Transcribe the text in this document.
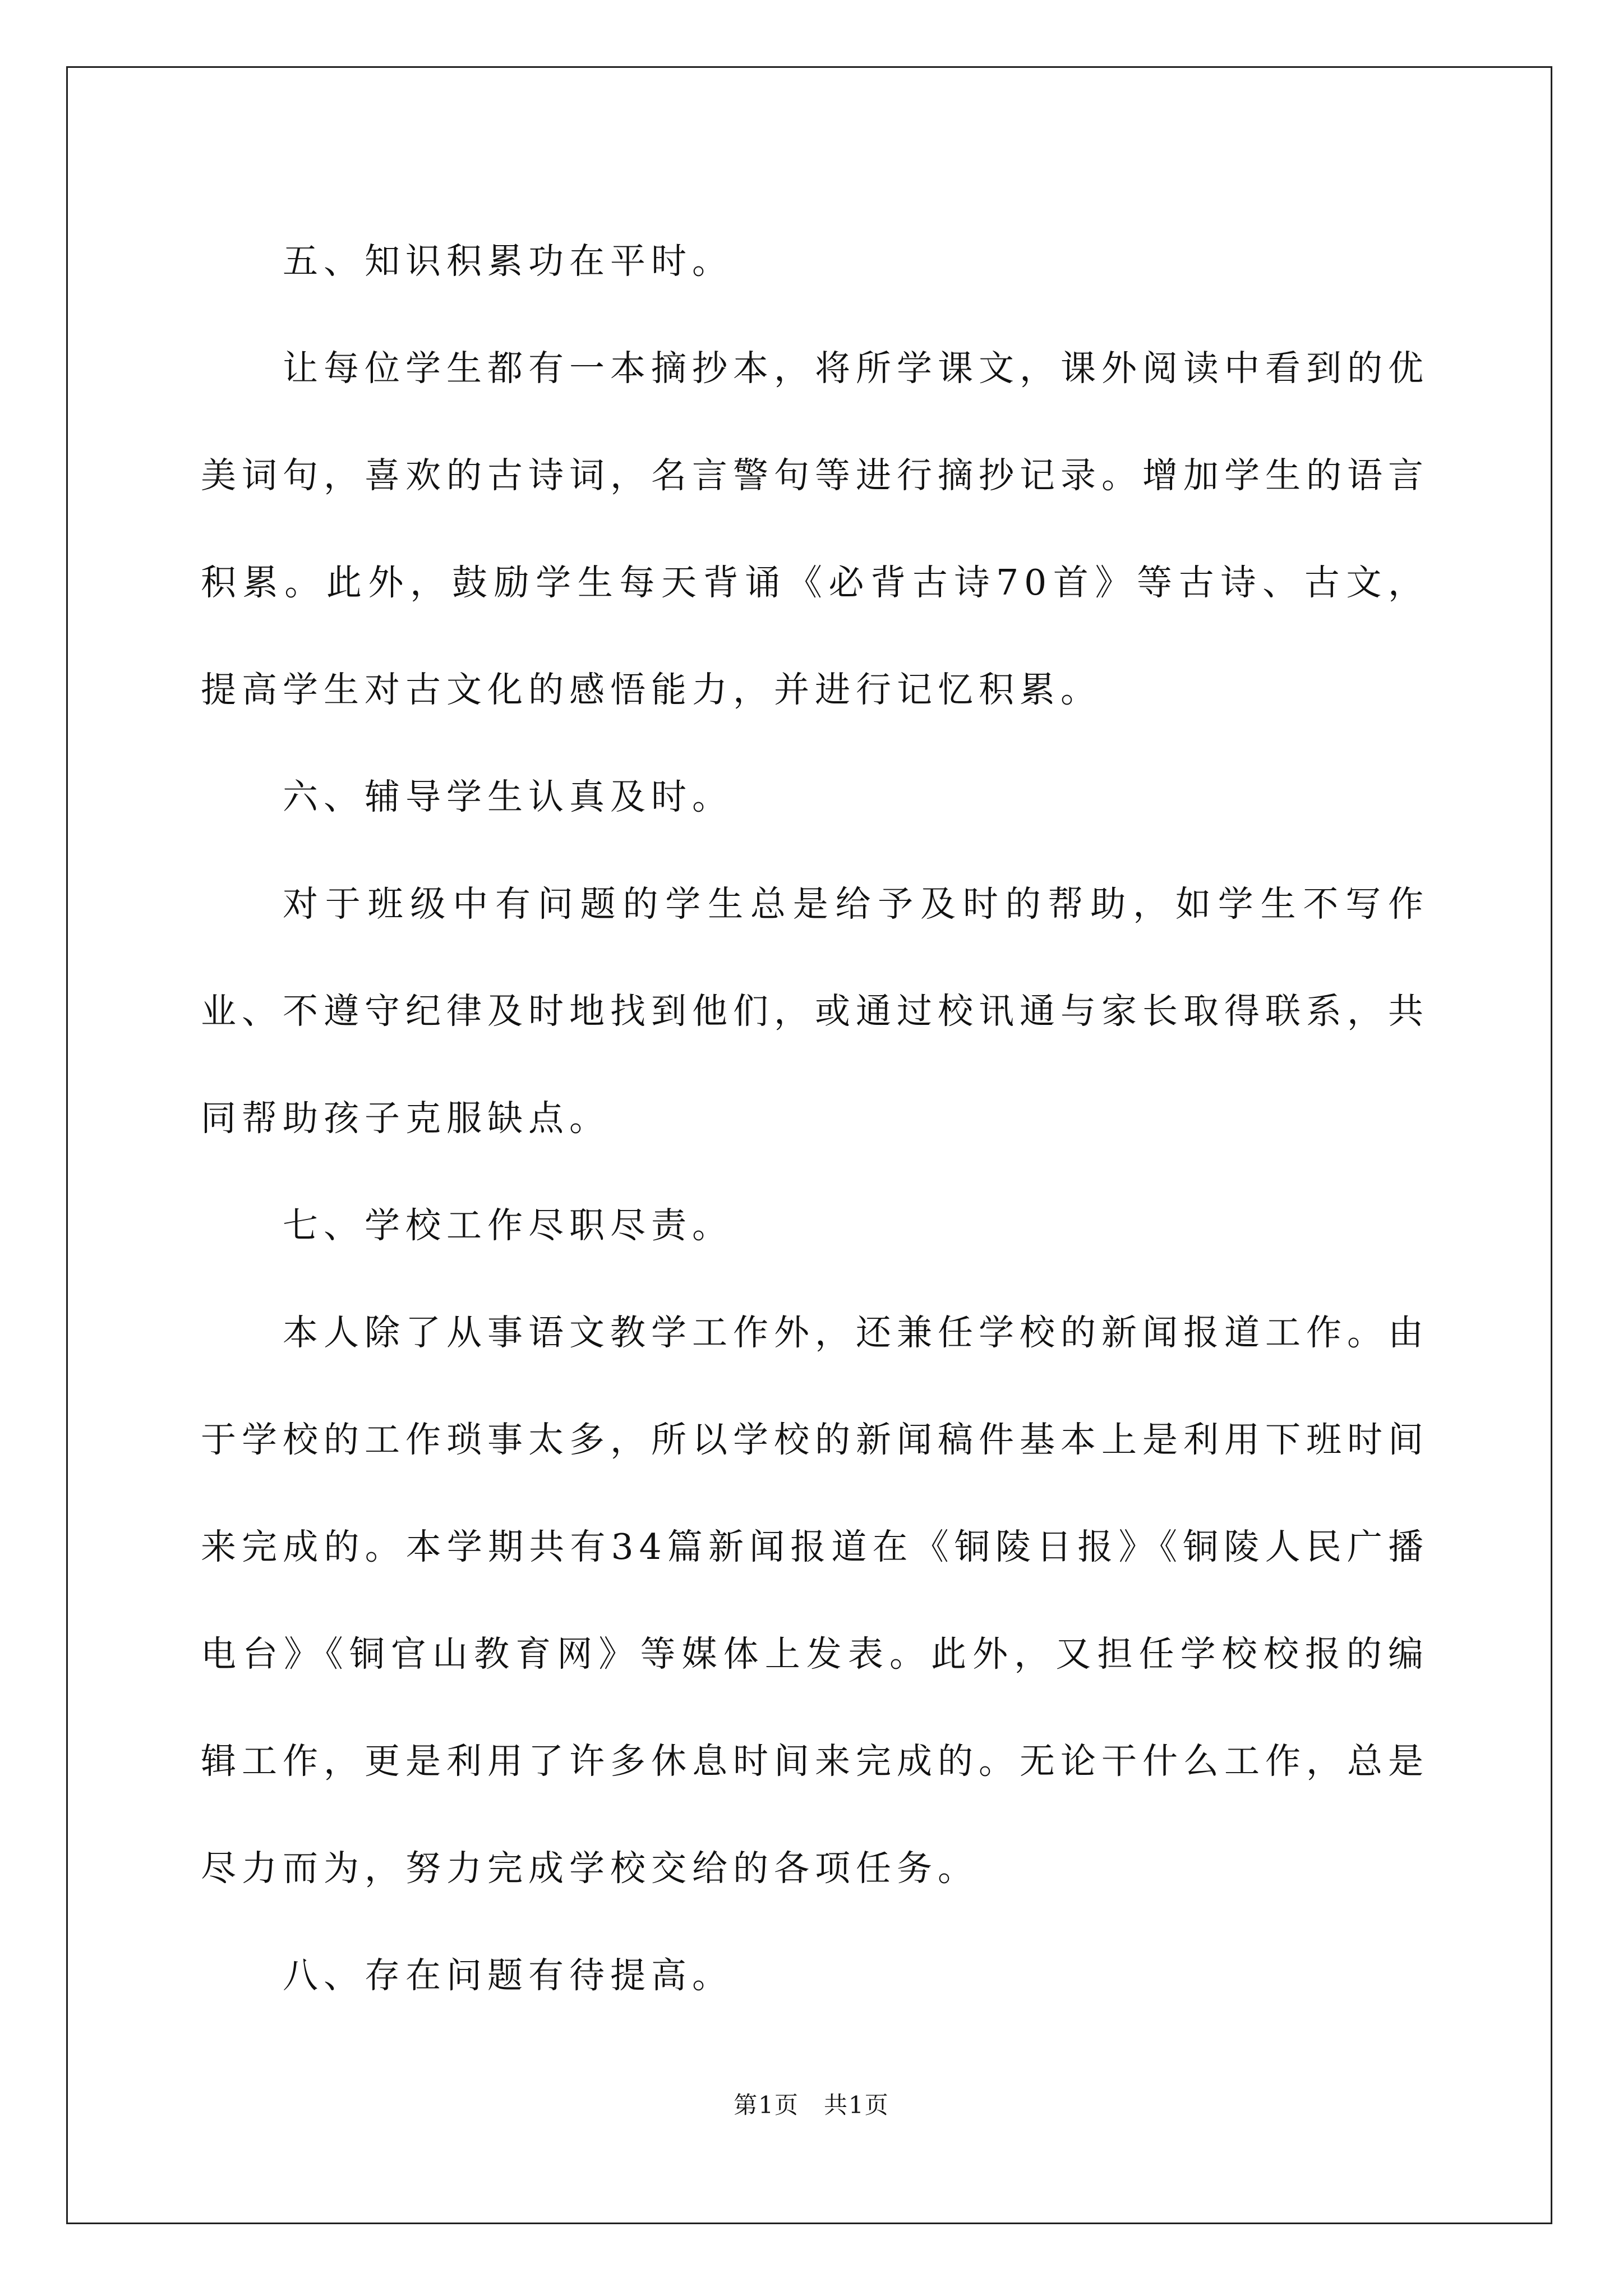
五、知识积累功在平时。

让每位学生都有一本摘抄本，将所学课文，课外阅读中看到的优美词句，喜欢的古诗词，名言警句等进行摘抄记录。增加学生的语言积累。此外，鼓励学生每天背诵《必背古诗70首》等古诗、古文，提高学生对古文化的感悟能力，并进行记忆积累。

六、辅导学生认真及时。

对于班级中有问题的学生总是给予及时的帮助，如学生不写作业、不遵守纪律及时地找到他们，或通过校讯通与家长取得联系，共同帮助孩子克服缺点。

七、学校工作尽职尽责。

本人除了从事语文教学工作外，还兼任学校的新闻报道工作。由于学校的工作琐事太多，所以学校的新闻稿件基本上是利用下班时间来完成的。本学期共有34篇新闻报道在《铜陵日报》《铜陵人民广播电台》《铜官山教育网》等媒体上发表。此外，又担任学校校报的编辑工作，更是利用了许多休息时间来完成的。无论干什么工作，总是尽力而为，努力完成学校交给的各项任务。

八、存在问题有待提高。

第1页 共1页
